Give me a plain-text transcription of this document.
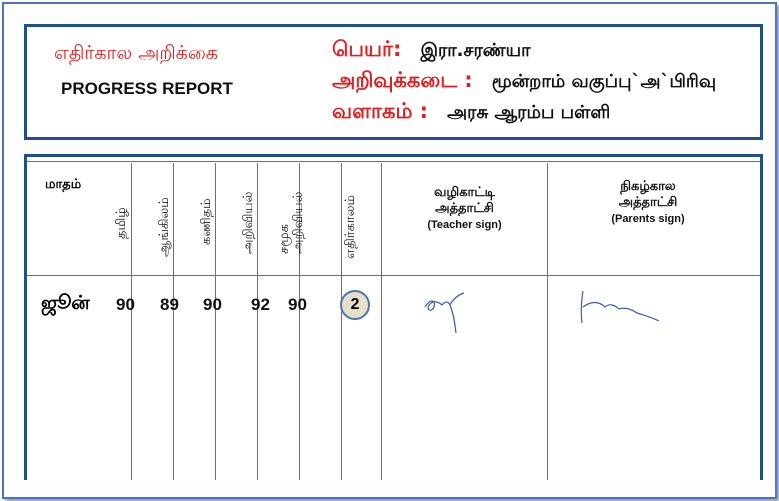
எதிர்கால அறிக்கை
PROGRESS REPORT
பெயர்: இரா.சரண்யா
அறிவுக்கடை : மூன்றாம் வகுப்பு`அ`பிரிவு
வளாகம் : அரசு ஆரம்ப பள்ளி
மாதம்
தமிழ் ஆங்கிலம் கணிதம் அறிவியல் சமூக
அறிவியல்	எதிர்காலம்
வழிகாட்டி
அத்தாட்சி
(Teacher sign)
நிகழ்கால
அத்தாட்சி
(Parents sign)
ஜூன் 90 89 90 92 90	2
